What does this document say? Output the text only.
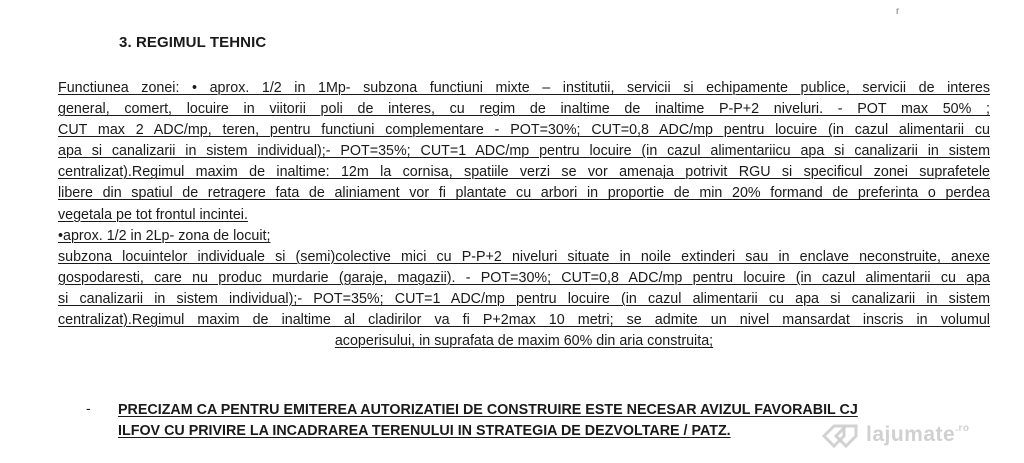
r
3. REGIMUL TEHNIC
Functiunea zonei: • aprox. 1/2 in 1Mp- subzona functiuni mixte – institutii, servicii si echipamente publice, servicii de interes
general, comert, locuire in viitorii poli de interes, cu regim de inaltime de inaltime P-P+2 niveluri. - POT max 50% ;
CUT max 2 ADC/mp, teren, pentru functiuni complementare - POT=30%; CUT=0,8 ADC/mp pentru locuire (in cazul alimentarii cu
apa si canalizarii in sistem individual);- POT=35%; CUT=1 ADC/mp pentru locuire (in cazul alimentariicu apa si canalizarii in sistem
centralizat).Regimul maxim de inaltime: 12m la cornisa, spatiile verzi se vor amenaja potrivit RGU si specificul zonei suprafetele
libere din spatiul de retragere fata de aliniament vor fi plantate cu arbori in proportie de min 20% formand de preferinta o perdea
vegetala pe tot frontul incintei.
•aprox. 1/2 in 2Lp- zona de locuit;
subzona locuintelor individuale si (semi)colective mici cu P-P+2 niveluri situate in noile extinderi sau in enclave neconstruite, anexe
gospodaresti, care nu produc murdarie (garaje, magazii). - POT=30%; CUT=0,8 ADC/mp pentru locuire (in cazul alimentarii cu apa
si canalizarii in sistem individual);- POT=35%; CUT=1 ADC/mp pentru locuire (in cazul alimentarii cu apa si canalizarii in sistem
centralizat).Regimul maxim de inaltime al cladirilor va fi P+2max 10 metri; se admite un nivel mansardat inscris in volumul
acoperisului, in suprafata de maxim 60% din aria construita;
- PRECIZAM CA PENTRU EMITEREA AUTORIZATIEI DE CONSTRUIRE ESTE NECESAR AVIZUL FAVORABIL CJ
ILFOV CU PRIVIRE LA INCADRAREA TERENULUI IN STRATEGIA DE DEZVOLTARE / PATZ.	lajumate$^{.ro}$
